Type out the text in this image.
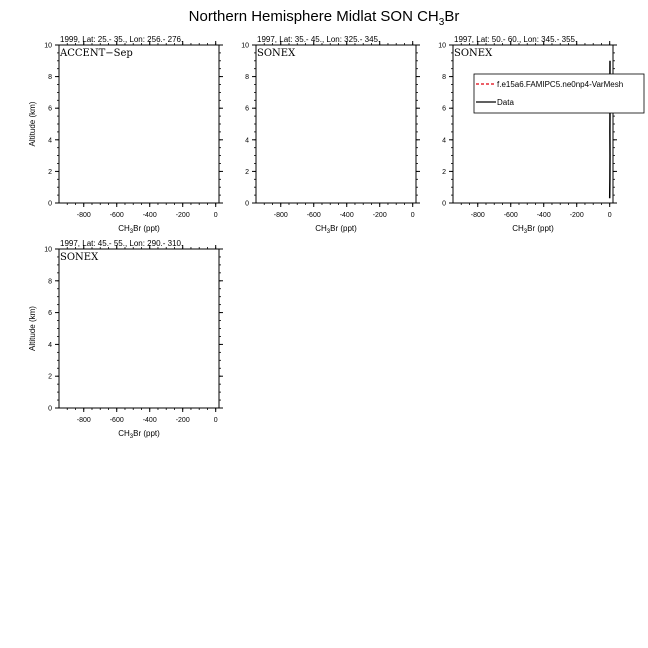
Northern Hemisphere Midlat SON $CH_3Br$
1999, Lat: 25.- 35., Lon: 256.- 276.
ACCENT−Sep
-800	-600	-400	-200	0
0
2
4
6
8
10
$CH_3Br$ (ppt)
Altitude (km)
1997, Lat: 35.- 45., Lon: 325.- 345.
SONEX
-800	-600	-400	-200	0
0
2
4
6
8
10
$CH_3Br$ (ppt)
1997, Lat: 50.- 60., Lon: 345.- 355.
SONEX
-800	-600	-400	-200	0
0
2
4
6
8
10
$CH_3Br$ (ppt)
f.e15a6.FAMIPC5.ne0np4-VarMesh
Data
1997, Lat: 45.- 55., Lon: 290.- 310.
SONEX
-800	-600	-400	-200	0
0
2
4
6
8
10
$CH_3Br$ (ppt)
Altitude (km)
